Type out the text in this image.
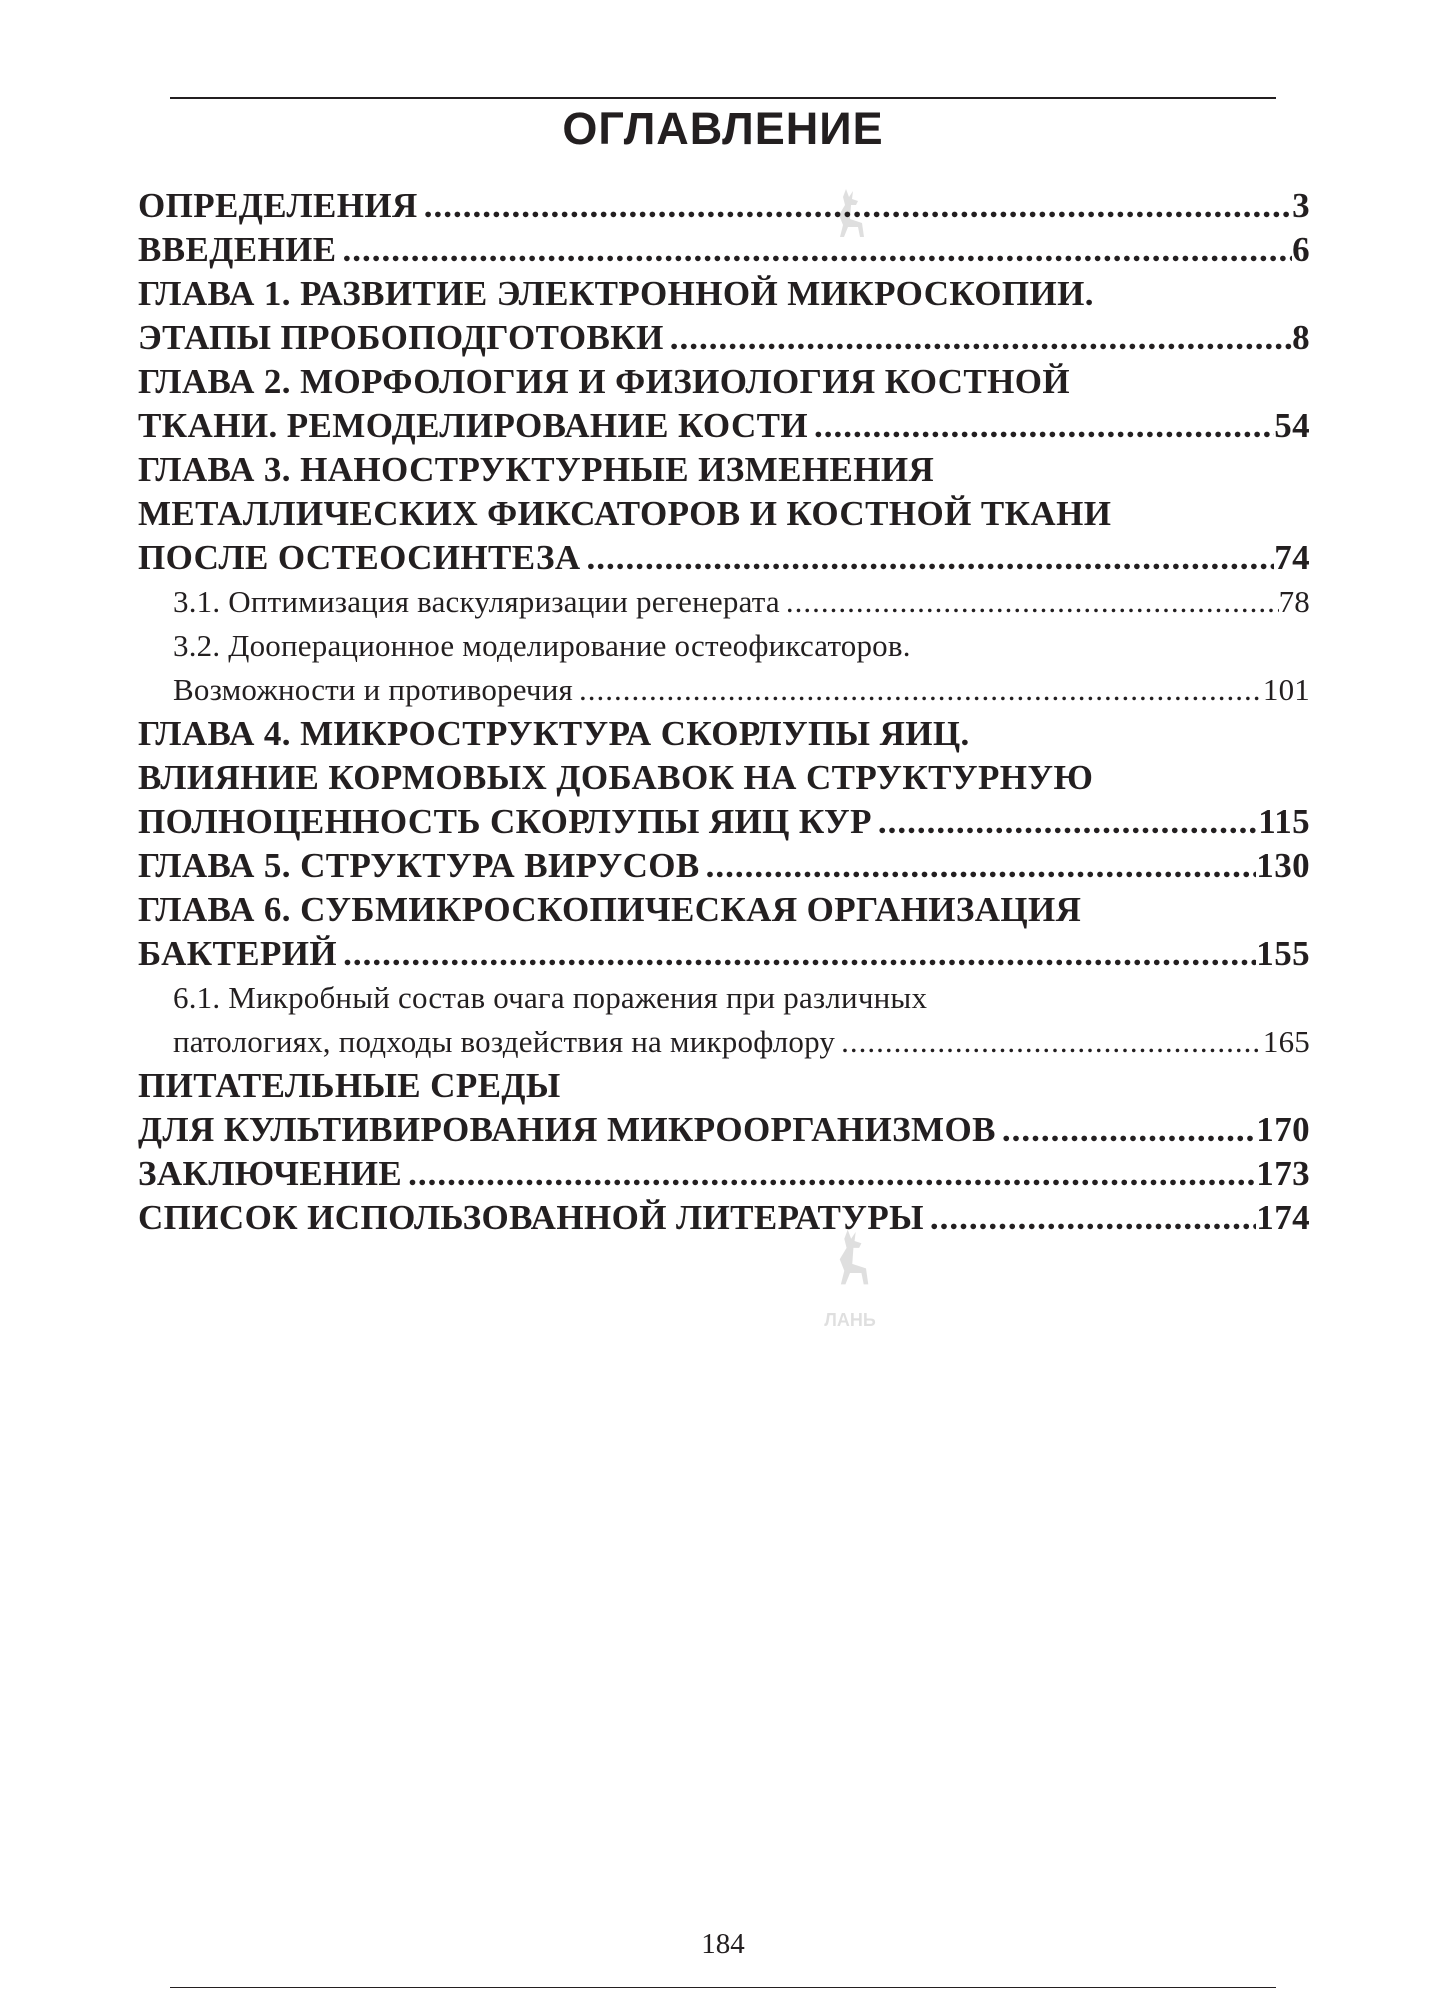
ОГЛАВЛЕНИЕ
ЛАНЬ
ОПРЕДЕЛЕНИЯ .....	3
ВВЕДЕНИЕ .....	6
ГЛАВА 1. РАЗВИТИЕ ЭЛЕКТРОННОЙ МИКРОСКОПИИ.
ЭТАПЫ ПРОБОПОДГОТОВКИ .....	8
ГЛАВА 2. МОРФОЛОГИЯ И ФИЗИОЛОГИЯ КОСТНОЙ
ТКАНИ. РЕМОДЕЛИРОВАНИЕ КОСТИ .....	54
ГЛАВА 3. НАНОСТРУКТУРНЫЕ ИЗМЕНЕНИЯ
МЕТАЛЛИЧЕСКИХ ФИКСАТОРОВ И КОСТНОЙ ТКАНИ
ПОСЛЕ ОСТЕОСИНТЕЗА .....	74
3.1. Оптимизация васкуляризации регенерата .....	78
3.2. Дооперационное моделирование остеофиксаторов.
Возможности и противоречия .....	101
ГЛАВА 4. МИКРОСТРУКТУРА СКОРЛУПЫ ЯИЦ.
ВЛИЯНИЕ КОРМОВЫХ ДОБАВОК НА СТРУКТУРНУЮ
ПОЛНОЦЕННОСТЬ СКОРЛУПЫ ЯИЦ КУР .....	115
ГЛАВА 5. СТРУКТУРА ВИРУСОВ .....	130
ГЛАВА 6. СУБМИКРОСКОПИЧЕСКАЯ ОРГАНИЗАЦИЯ
БАКТЕРИЙ .....	155
6.1. Микробный состав очага поражения при различных
патологиях, подходы воздействия на микрофлору .....	165
ПИТАТЕЛЬНЫЕ СРЕДЫ
ДЛЯ КУЛЬТИВИРОВАНИЯ МИКРООРГАНИЗМОВ .....	170
ЗАКЛЮЧЕНИЕ .....	173
СПИСОК ИСПОЛЬЗОВАННОЙ ЛИТЕРАТУРЫ .....	174
184
